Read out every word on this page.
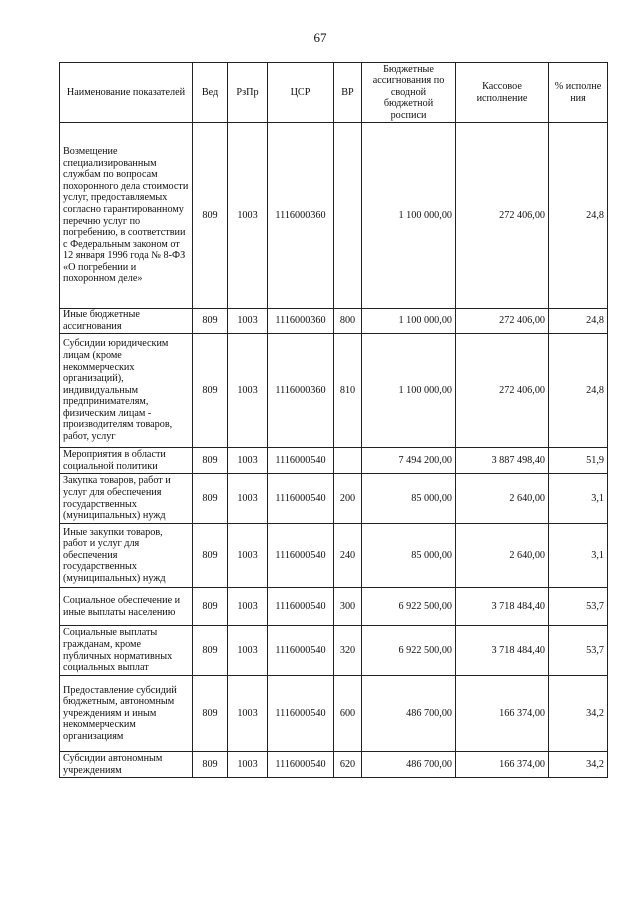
67
Наименование показателей	Вед	РзПр	ЦСР	ВР	Бюджетные ассигнования по сводной бюджетной росписи	Кассовое исполнение	% исполне ния
Возмещение специализированным службам по вопросам похоронного дела стоимости услуг, предоставляемых согласно гарантированному перечню услуг по погребению, в соответствии с Федеральным законом от 12 января 1996 года № 8-ФЗ «О погребении и похоронном деле»	809	1003	1116000360		1 100 000,00	272 406,00	24,8
Иные бюджетные ассигнования	809	1003	1116000360	800	1 100 000,00	272 406,00	24,8
Субсидии юридическим лицам (кроме некоммерческих организаций), индивидуальным предпринимателям, физическим лицам - производителям товаров, работ, услуг	809	1003	1116000360	810	1 100 000,00	272 406,00	24,8
Мероприятия в области социальной политики	809	1003	1116000540		7 494 200,00	3 887 498,40	51,9
Закупка товаров, работ и услуг для обеспечения государственных (муниципальных) нужд	809	1003	1116000540	200	85 000,00	2 640,00	3,1
Иные закупки товаров, работ и услуг для обеспечения государственных (муниципальных) нужд	809	1003	1116000540	240	85 000,00	2 640,00	3,1
Социальное обеспечение и иные выплаты населению	809	1003	1116000540	300	6 922 500,00	3 718 484,40	53,7
Социальные выплаты гражданам, кроме публичных нормативных социальных выплат	809	1003	1116000540	320	6 922 500,00	3 718 484,40	53,7
Предоставление субсидий бюджетным, автономным учреждениям и иным некоммерческим организациям	809	1003	1116000540	600	486 700,00	166 374,00	34,2
Субсидии автономным учреждениям	809	1003	1116000540	620	486 700,00	166 374,00	34,2
